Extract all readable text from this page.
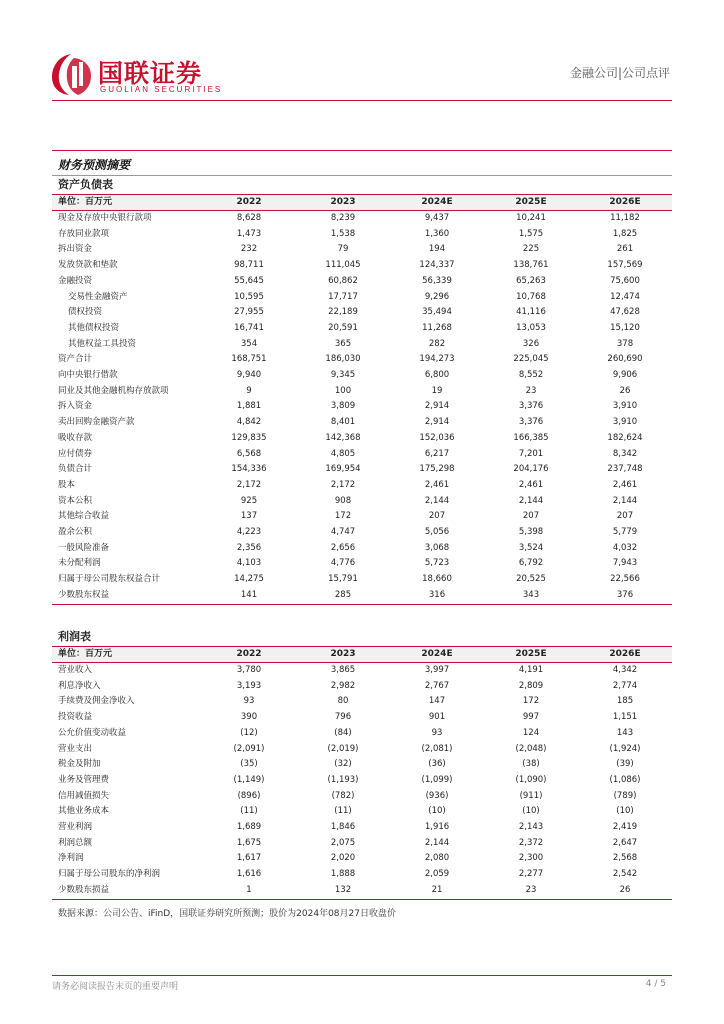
国联证券
GUOLIAN SECURITIES
金融公司|公司点评
财务预测摘要
资产负债表
单位：百万元	2022	2023	2024E	2025E	2026E
现金及存放中央银行款项	8,628	8,239	9,437	10,241	11,182
存放同业款项	1,473	1,538	1,360	1,575	1,825
拆出资金	232	79	194	225	261
发放贷款和垫款	98,711	111,045	124,337	138,761	157,569
金融投资	55,645	60,862	56,339	65,263	75,600
交易性金融资产	10,595	17,717	9,296	10,768	12,474
债权投资	27,955	22,189	35,494	41,116	47,628
其他债权投资	16,741	20,591	11,268	13,053	15,120
其他权益工具投资	354	365	282	326	378
资产合计	168,751	186,030	194,273	225,045	260,690
向中央银行借款	9,940	9,345	6,800	8,552	9,906
同业及其他金融机构存放款项	9	100	19	23	26
拆入资金	1,881	3,809	2,914	3,376	3,910
卖出回购金融资产款	4,842	8,401	2,914	3,376	3,910
吸收存款	129,835	142,368	152,036	166,385	182,624
应付债券	6,568	4,805	6,217	7,201	8,342
负债合计	154,336	169,954	175,298	204,176	237,748
股本	2,172	2,172	2,461	2,461	2,461
资本公积	925	908	2,144	2,144	2,144
其他综合收益	137	172	207	207	207
盈余公积	4,223	4,747	5,056	5,398	5,779
一般风险准备	2,356	2,656	3,068	3,524	4,032
未分配利润	4,103	4,776	5,723	6,792	7,943
归属于母公司股东权益合计	14,275	15,791	18,660	20,525	22,566
少数股东权益	141	285	316	343	376
利润表
单位：百万元	2022	2023	2024E	2025E	2026E
营业收入	3,780	3,865	3,997	4,191	4,342
利息净收入	3,193	2,982	2,767	2,809	2,774
手续费及佣金净收入	93	80	147	172	185
投资收益	390	796	901	997	1,151
公允价值变动收益	(12)	(84)	93	124	143
营业支出	(2,091)	(2,019)	(2,081)	(2,048)	(1,924)
税金及附加	(35)	(32)	(36)	(38)	(39)
业务及管理费	(1,149)	(1,193)	(1,099)	(1,090)	(1,086)
信用减值损失	(896)	(782)	(936)	(911)	(789)
其他业务成本	(11)	(11)	(10)	(10)	(10)
营业利润	1,689	1,846	1,916	2,143	2,419
利润总额	1,675	2,075	2,144	2,372	2,647
净利润	1,617	2,020	2,080	2,300	2,568
归属于母公司股东的净利润	1,616	1,888	2,059	2,277	2,542
少数股东损益	1	132	21	23	26
数据来源：公司公告、iFinD，国联证券研究所预测；股价为2024年08月27日收盘价
请务必阅读报告末页的重要声明	4 / 5
